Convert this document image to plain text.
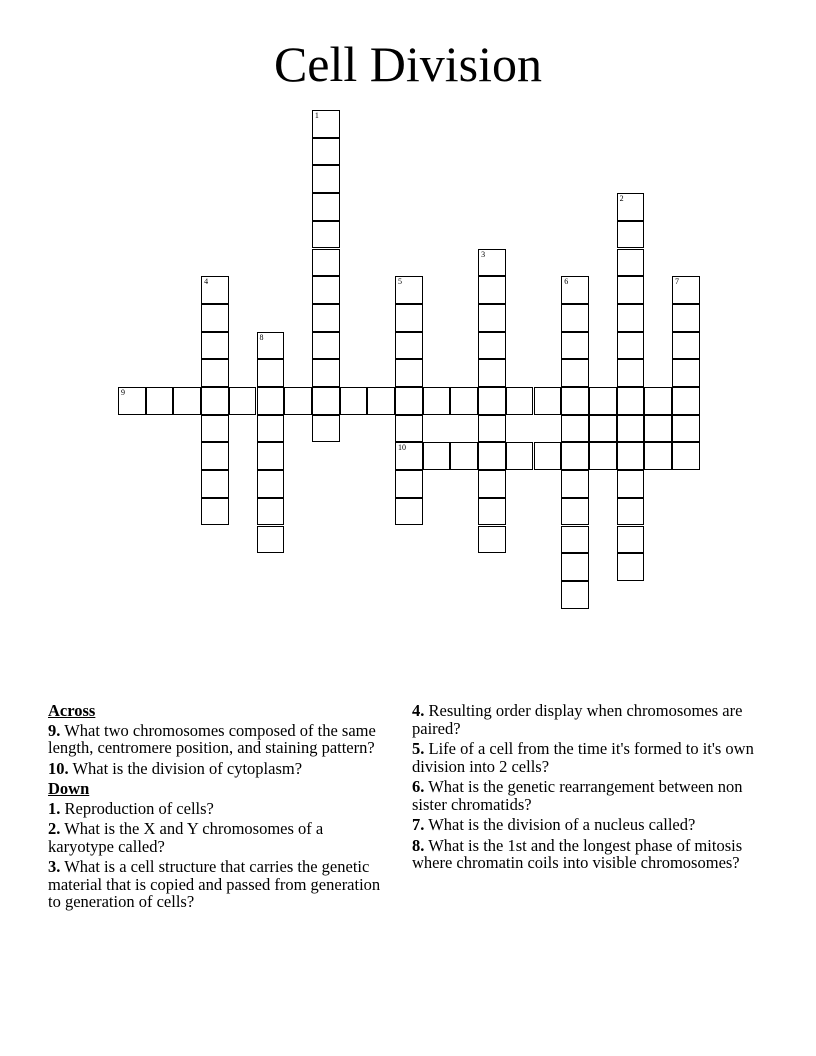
Cell Division
9
10
1
2
3
4	5	6	7
8
Across
9. What two chromosomes composed of the same length, centromere position, and staining pattern?
10. What is the division of cytoplasm?
Down
1. Reproduction of cells?
2. What is the X and Y chromosomes of a karyotype called?
3. What is a cell structure that carries the genetic material that is copied and passed from generation to generation of cells?
4. Resulting order display when chromosomes are paired?
5. Life of a cell from the time it's formed to it's own division into 2 cells?
6. What is the genetic rearrangement between non sister chromatids?
7. What is the division of a nucleus called?
8. What is the 1st and the longest phase of mitosis where chromatin coils into visible chromosomes?
